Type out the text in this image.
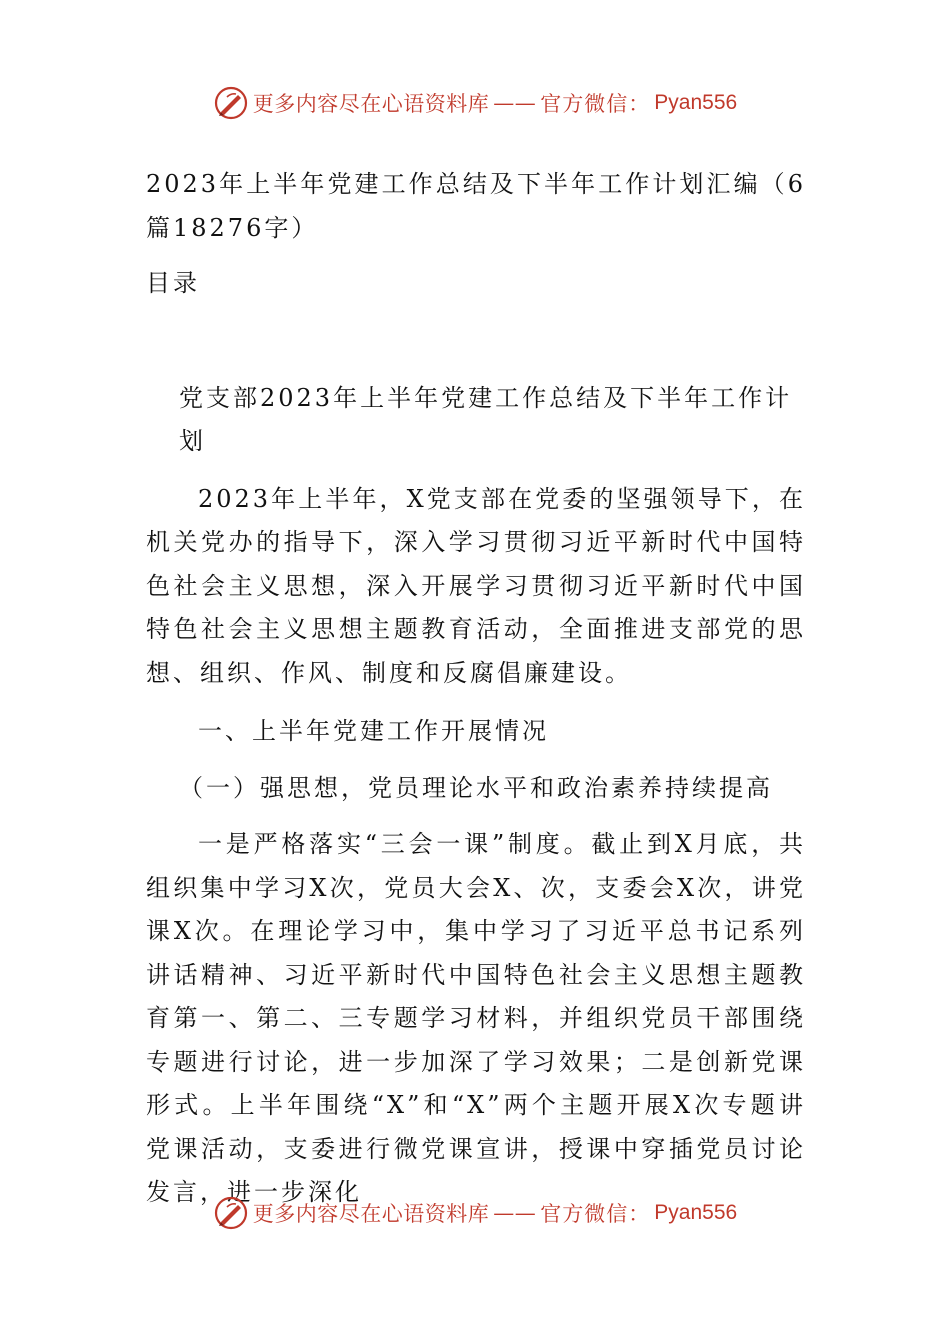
更多内容尽在心语资料库 —— 官方微信： Pyan556

2023年上半年党建工作总结及下半年工作计划汇编（6篇18276字）

目录

党支部2023年上半年党建工作总结及下半年工作计划

2023年上半年，X党支部在党委的坚强领导下，在机关党办的指导下，深入学习贯彻习近平新时代中国特色社会主义思想，深入开展学习贯彻习近平新时代中国特色社会主义思想主题教育活动，全面推进支部党的思想、组织、作风、制度和反腐倡廉建设。

一、上半年党建工作开展情况

（一）强思想，党员理论水平和政治素养持续提高

一是严格落实“三会一课”制度。截止到X月底，共组织集中学习X次，党员大会X、次，支委会X次，讲党课X次。在理论学习中，集中学习了习近平总书记系列讲话精神、习近平新时代中国特色社会主义思想主题教育第一、第二、三专题学习材料，并组织党员干部围绕专题进行讨论，进一步加深了学习效果；二是创新党课形式。上半年围绕“X”和“X”两个主题开展X次专题讲党课活动，支委进行微党课宣讲，授课中穿插党员讨论发言，进一步深化

更多内容尽在心语资料库 —— 官方微信： Pyan556
